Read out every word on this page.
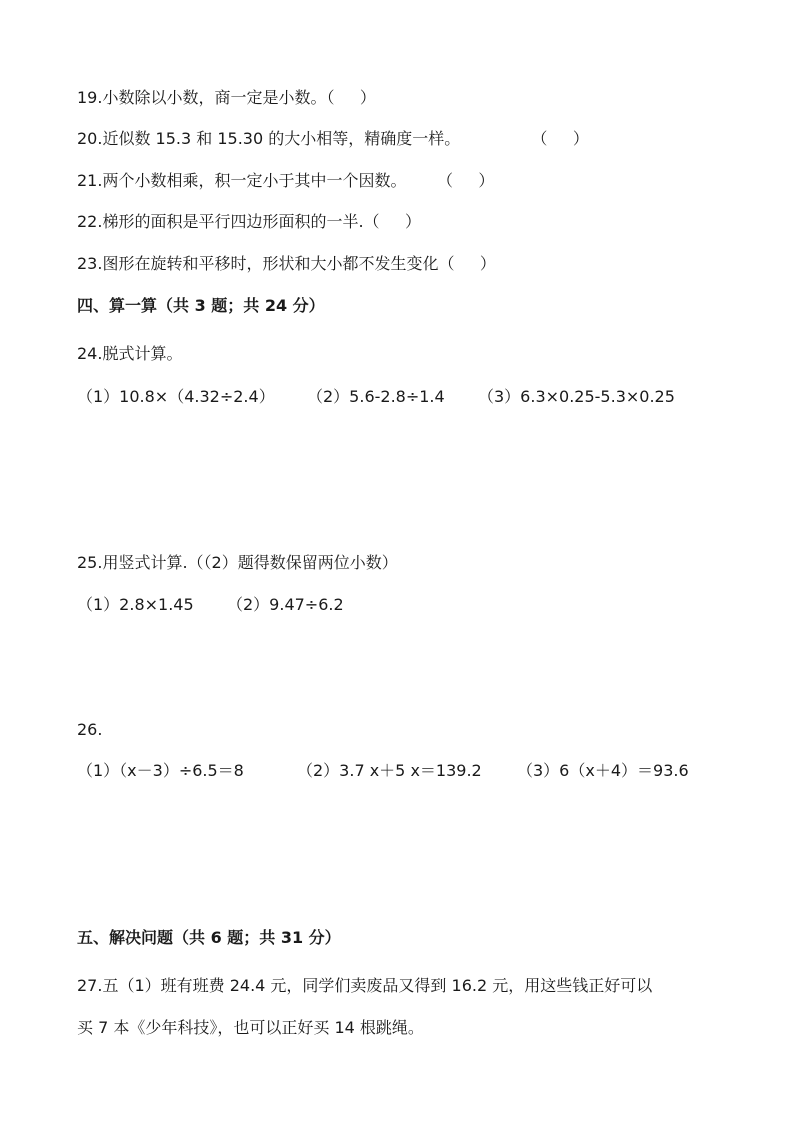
19.小数除以小数，商一定是小数。（     ）
20.近似数 15.3 和 15.30 的大小相等，精确度一样。              （     ）
21.两个小数相乘，积一定小于其中一个因数。      （     ）
22.梯形的面积是平行四边形面积的一半.（     ）
23.图形在旋转和平移时，形状和大小都不发生变化（     ）
四、算一算（共 3 题；共 24 分）
24.脱式计算。
（1）10.8×（4.32÷2.4） （2）5.6-2.8÷1.4 （3）6.3×0.25-5.3×0.25
25.用竖式计算.（（2）题得数保留两位小数）
（1）2.8×1.45 （2）9.47÷6.2
26.
（1）（x－3）÷6.5＝8	（2）3.7 x＋5 x＝139.2 （3）6（x＋4）＝93.6
五、解决问题（共 6 题；共 31 分）
27.五（1）班有班费 24.4 元，同学们卖废品又得到 16.2 元，用这些钱正好可以
买 7 本《少年科技》，也可以正好买 14 根跳绳。
